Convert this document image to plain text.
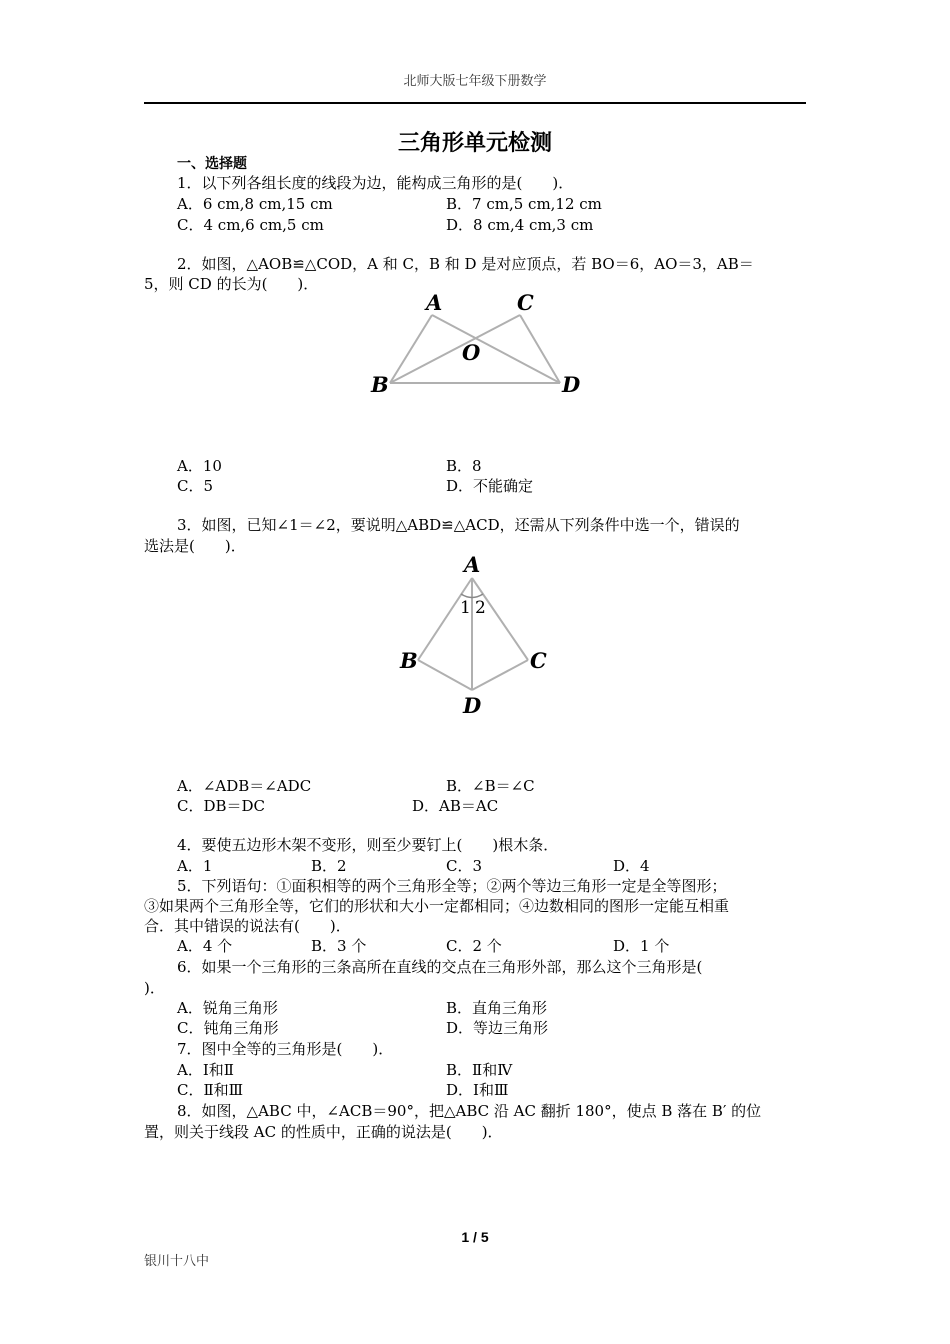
北师大版七年级下册数学
三角形单元检测
一、选择题
1．以下列各组长度的线段为边，能构成三角形的是(　　)．
A．6 cm,8 cm,15 cm	B．7 cm,5 cm,12 cm
C．4 cm,6 cm,5 cm	D．8 cm,4 cm,3 cm
2．如图，△AOB≌△COD，A 和 C，B 和 D 是对应顶点，若 BO＝6，AO＝3，AB＝
5，则 CD 的长为(　　)．
A	C
O
B	D
A．10	B．8
C．5	D．不能确定
3．如图，已知∠1＝∠2，要说明△ABD≌△ACD，还需从下列条件中选一个，错误的
选法是(　　)．
A
B	C
D
1 2
A．∠ADB＝∠ADC	B．∠B＝∠C
C．DB＝DC	D．AB＝AC
4．要使五边形木架不变形，则至少要钉上(　　)根木条．
A．1	B．2	C．3	D．4
5．下列语句：①面积相等的两个三角形全等；②两个等边三角形一定是全等图形；
③如果两个三角形全等，它们的形状和大小一定都相同；④边数相同的图形一定能互相重
合．其中错误的说法有(　　)．
A．4 个	B．3 个	C．2 个	D．1 个
6．如果一个三角形的三条高所在直线的交点在三角形外部，那么这个三角形是(
)．
A．锐角三角形	B．直角三角形
C．钝角三角形	D．等边三角形
7．图中全等的三角形是(　　)．
A．Ⅰ和Ⅱ	B．Ⅱ和Ⅳ
C．Ⅱ和Ⅲ	D．Ⅰ和Ⅲ
8．如图，△ABC 中，∠ACB＝90°，把△ABC 沿 AC 翻折 180°，使点 B 落在 B′ 的位
置，则关于线段 AC 的性质中，正确的说法是(　　)．
1 / 5
银川十八中
